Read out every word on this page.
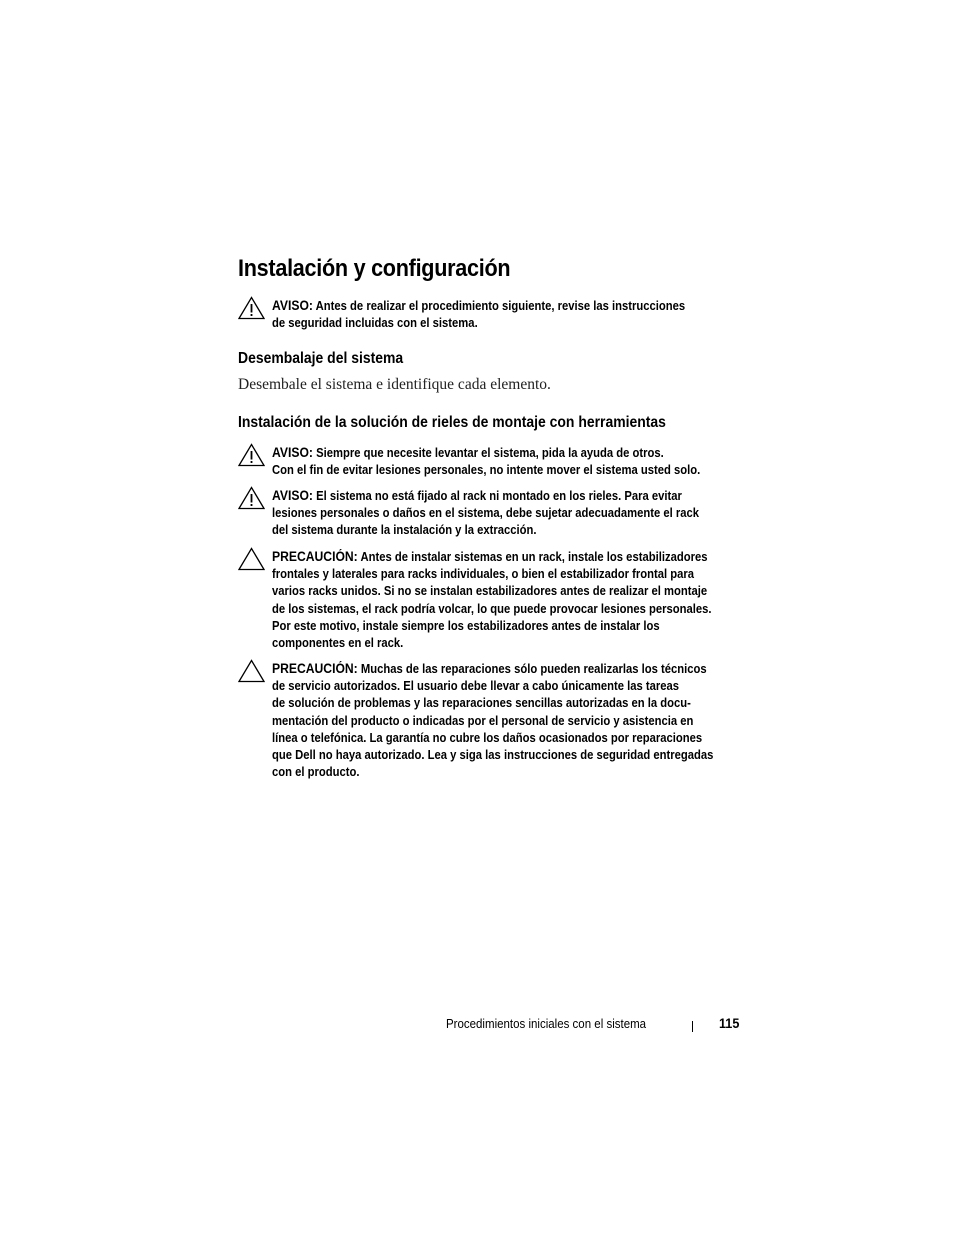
Instalación y configuración
AVISO: Antes de realizar el procedimiento siguiente, revise las instrucciones
de seguridad incluidas con el sistema.
Desembalaje del sistema

Desembale el sistema e identifique cada elemento.

Instalación de la solución de rieles de montaje con herramientas
AVISO: Siempre que necesite levantar el sistema, pida la ayuda de otros.
Con el fin de evitar lesiones personales, no intente mover el sistema usted solo.
AVISO: El sistema no está fijado al rack ni montado en los rieles. Para evitar
lesiones personales o daños en el sistema, debe sujetar adecuadamente el rack
del sistema durante la instalación y la extracción.
PRECAUCIÓN: Antes de instalar sistemas en un rack, instale los estabilizadores
frontales y laterales para racks individuales, o bien el estabilizador frontal para
varios racks unidos. Si no se instalan estabilizadores antes de realizar el montaje
de los sistemas, el rack podría volcar, lo que puede provocar lesiones personales.
Por este motivo, instale siempre los estabilizadores antes de instalar los
componentes en el rack.
PRECAUCIÓN: Muchas de las reparaciones sólo pueden realizarlas los técnicos
de servicio autorizados. El usuario debe llevar a cabo únicamente las tareas
de solución de problemas y las reparaciones sencillas autorizadas en la docu-
mentación del producto o indicadas por el personal de servicio y asistencia en
línea o telefónica. La garantía no cubre los daños ocasionados por reparaciones
que Dell no haya autorizado. Lea y siga las instrucciones de seguridad entregadas
con el producto.
Procedimientos iniciales con el sistema	115
